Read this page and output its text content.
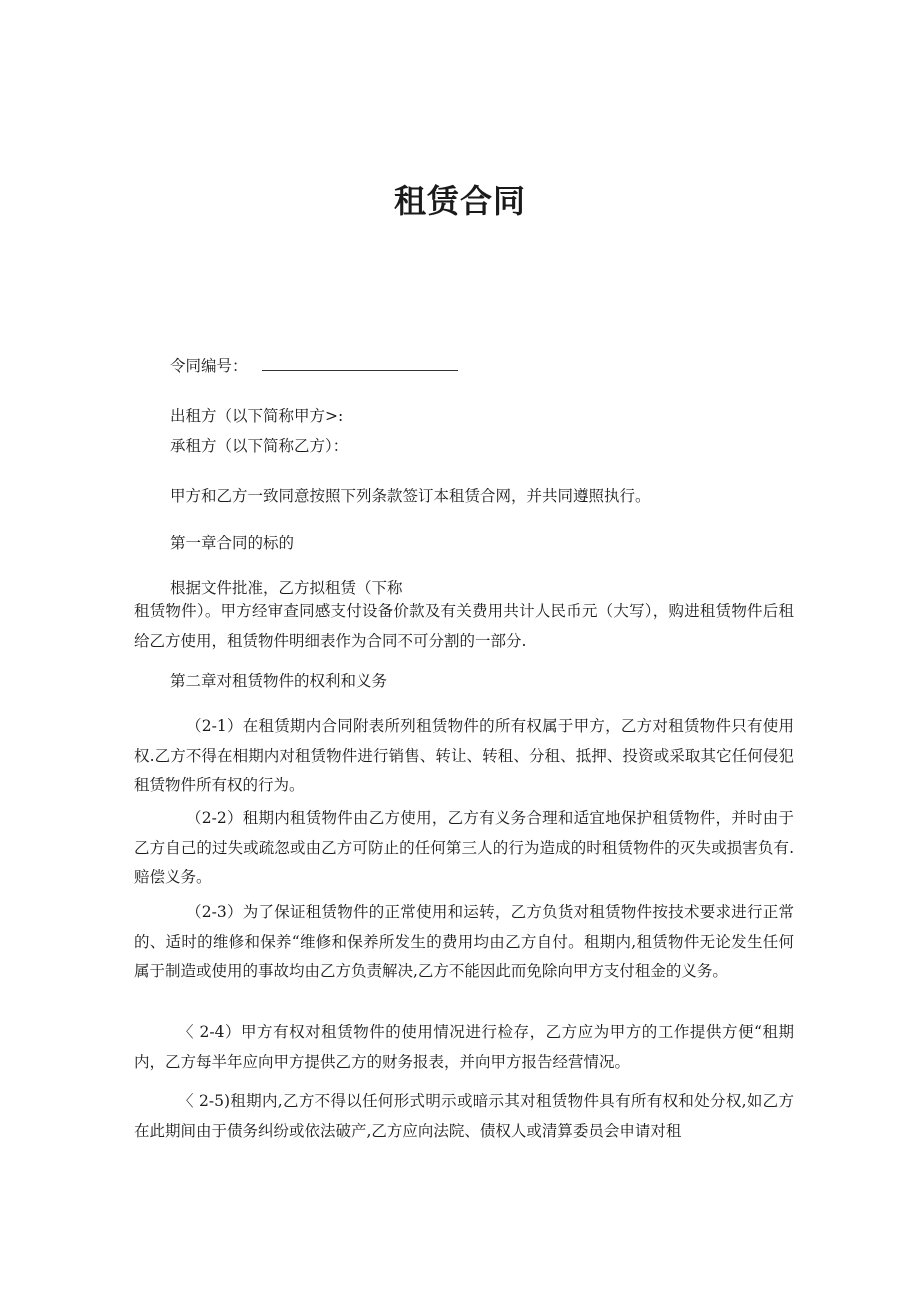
租赁合同
令同编号：

出租方（以下简称甲方>:

承租方（以下简称乙方）：

甲方和乙方一致同意按照下列条款签订本租赁合网，并共同遵照执行。

第一章合同的标的

根据文件批准，乙方拟租赁（下称

租赁物件）。甲方经审查同感支付设备价款及有关费用共计人民币元（大写），购进租赁物件后租给乙方使用，租赁物件明细表作为合同不可分割的一部分.

第二章对租赁物件的权利和义务

（2-1）在租赁期内合同附表所列租赁物件的所有权属于甲方，乙方对租赁物件只有使用权.乙方不得在相期内对租赁物件进行销售、转让、转租、分租、抵押、投资或采取其它任何侵犯租赁物件所有权的行为。

（2-2）租期内租赁物件由乙方使用，乙方有义务合理和适宜地保护租赁物件，并时由于乙方自己的过失或疏忽或由乙方可防止的任何第三人的行为造成的时租赁物件的灭失或损害负有.赔偿义务。

（2-3）为了保证租赁物件的正常使用和运转，乙方负货对租赁物件按技术要求进行正常的、适时的维修和保养“维修和保养所发生的费用均由乙方自付。租期内,租赁物件无论发生任何属于制造或使用的事故均由乙方负责解决,乙方不能因此而免除向甲方支付租金的义务。

〈 2-4）甲方有权对租赁物件的使用情况进行检存，乙方应为甲方的工作提供方便“租期内，乙方每半年应向甲方提供乙方的财务报表，并向甲方报告经营情况。

〈 2-5)租期内,乙方不得以任何形式明示或暗示其对租赁物件具有所有权和处分权,如乙方在此期间由于债务纠纷或依法破产,乙方应向法院、债权人或清算委员会申请对租
